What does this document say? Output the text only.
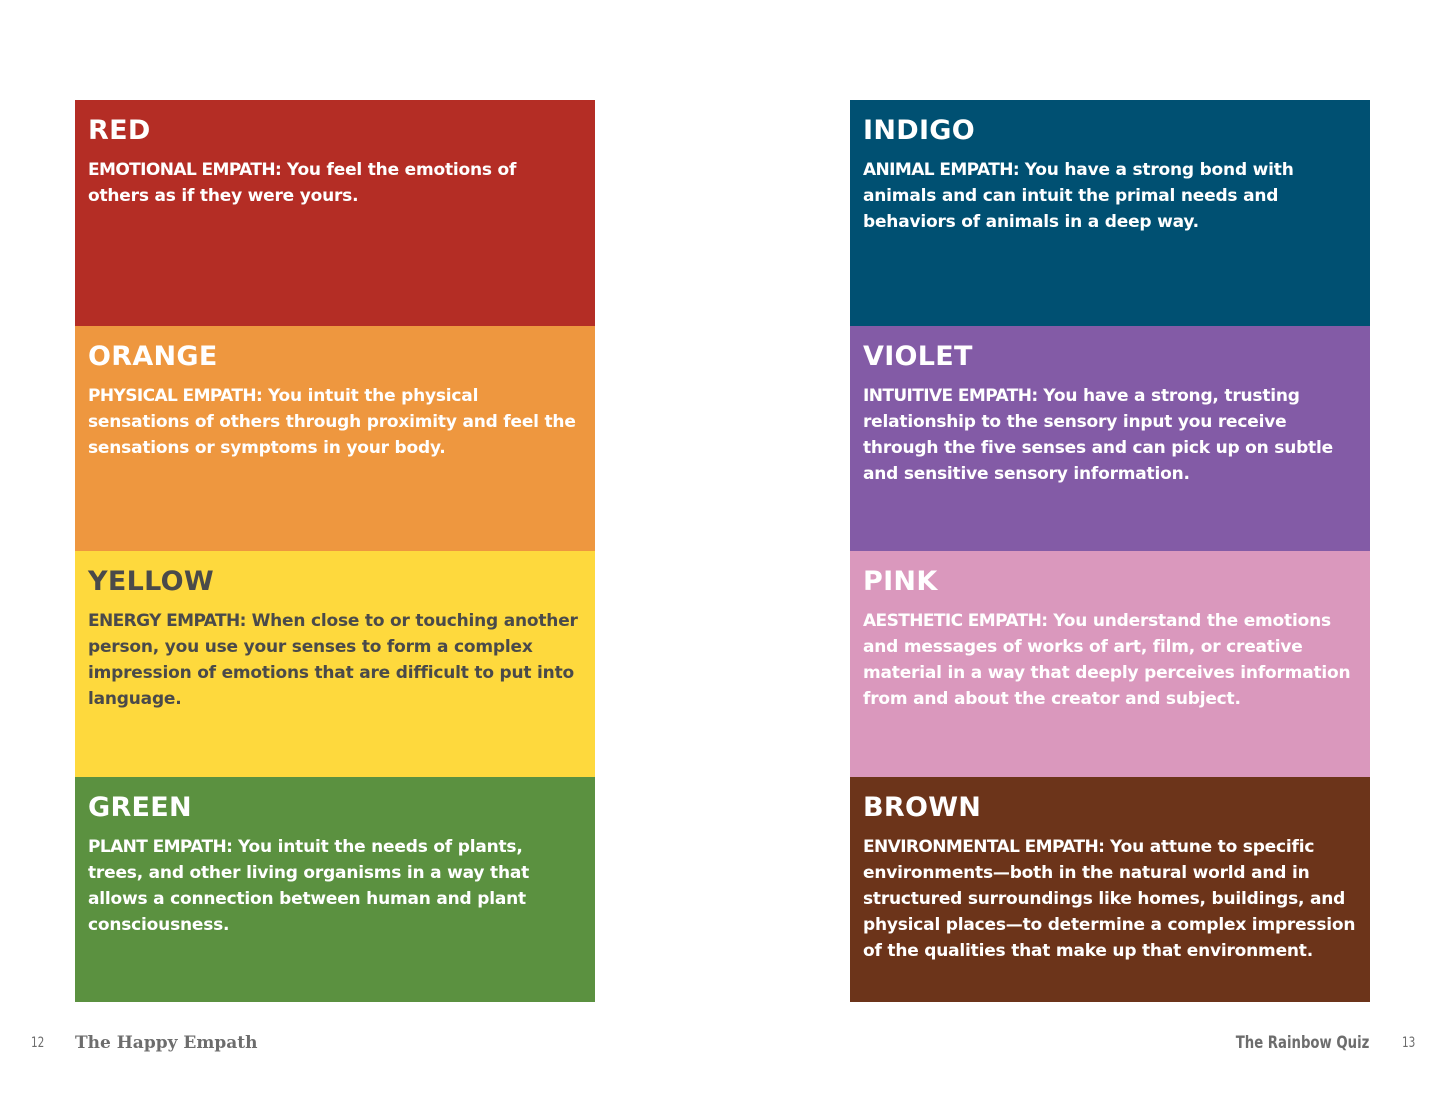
RED

EMOTIONAL EMPATH: You feel the emotions of others as if they were yours.

ORANGE

PHYSICAL EMPATH: You intuit the physical sensations of others through proximity and feel the sensations or symptoms in your body.

YELLOW

ENERGY EMPATH: When close to or touching another person, you use your senses to form a complex impression of emotions that are difficult to put into language.

GREEN

PLANT EMPATH: You intuit the needs of plants, trees, and other living organisms in a way that allows a connection between human and plant consciousness.

INDIGO

ANIMAL EMPATH: You have a strong bond with animals and can intuit the primal needs and behaviors of animals in a deep way.

VIOLET

INTUITIVE EMPATH: You have a strong, trusting relationship to the sensory input you receive through the five senses and can pick up on subtle and sensitive sensory information.

PINK

AESTHETIC EMPATH: You understand the emotions and messages of works of art, film, or creative material in a way that deeply perceives information from and about the creator and subject.

BROWN

ENVIRONMENTAL EMPATH: You attune to specific environments—both in the natural world and in structured surroundings like homes, buildings, and physical places—to determine a complex impression of the qualities that make up that environment.

12 The Happy Empath	The Rainbow Quiz 13
